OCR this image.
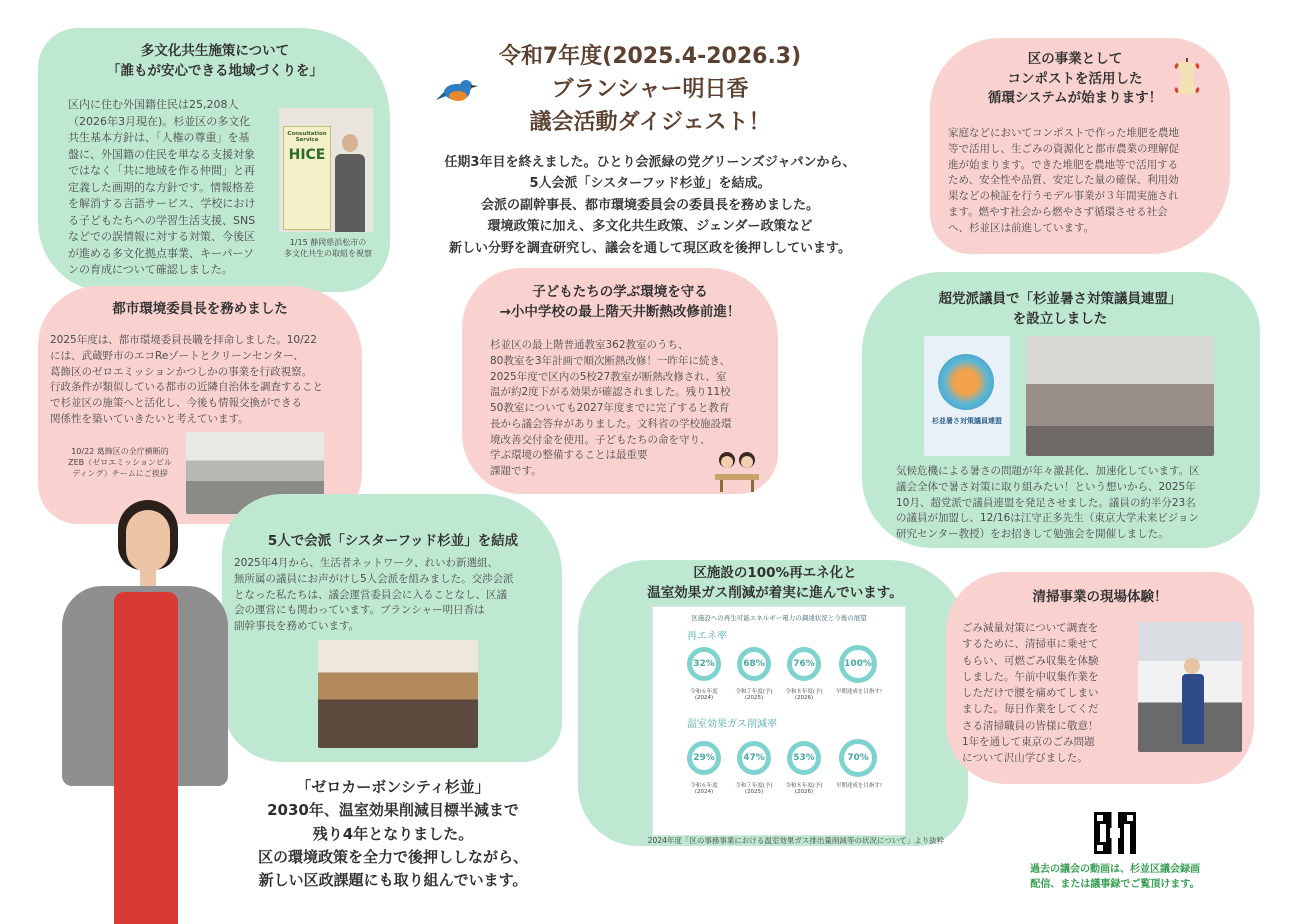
多文化共生施策について
「誰もが安心できる地域づくりを」
区内に住む外国籍住民は25,208人
（2026年3月現在)。杉並区の多文化
共生基本方針は、「人権の尊重」を基
盤に、外国籍の住民を単なる支援対象
ではなく「共に地域を作る仲間」と再
定義した画期的な方針です。情報格差
を解消する言語サービス、学校におけ
る子どもたちへの学習生活支援、SNS
などでの誤情報に対する対策、今後区
が進める多文化拠点事業、キーパーソ
ンの育成について確認しました。
Consultation
Service
HICE
1/15 静岡県浜松市の
多文化共生の取組を視察
令和7年度(2025.4-2026.3)
ブランシャー明日香
議会活動ダイジェスト！
任期3年目を終えました。ひとり会派緑の党グリーンズジャパンから、
5人会派「シスターフッド杉並」を結成。
会派の副幹事長、都市環境委員会の委員長を務めました。
環境政策に加え、多文化共生政策、ジェンダー政策など
新しい分野を調査研究し、議会を通して現区政を後押ししています。
区の事業として
コンポストを活用した
循環システムが始まります！
家庭などにおいてコンポストで作った堆肥を農地
等で活用し、生ごみの資源化と都市農業の理解促
進が始まります。できた堆肥を農地等で活用する
ため、安全性や品質、安定した量の確保、利用効
果などの検証を行うモデル事業が３年間実施され
ます。燃やす社会から燃やさず循環させる社会
へ、杉並区は前進しています。
都市環境委員長を務めました
2025年度は、都市環境委員長職を拝命しました。10/22
には、武蔵野市のエコReゾートとクリーンセンター、
葛飾区のゼロエミッションかつしかの事業を行政視察。
行政条件が類似している都市の近隣自治体を調査すること
で杉並区の施策へと活化し、今後も情報交換ができる
関係性を築いていきたいと考えています。
10/22 葛飾区の全庁横断的
ZEB（ゼロエミッションビル
ディング）チームにご挨拶
子どもたちの学ぶ環境を守る
→小中学校の最上階天井断熱改修前進！
杉並区の最上階普通教室362教室のうち、
80教室を3年計画で順次断熱改修！一昨年に続き、
2025年度で区内の5校27教室が断熱改修され、室
温が約2度下がる効果が確認されました。残り11校
50教室についても2027年度までに完了すると教育
長から議会答弁がありました。文科省の学校施設環
境改善交付金を使用。子どもたちの命を守り、
学ぶ環境の整備することは最重要
課題です。
超党派議員で「杉並暑さ対策議員連盟」
を設立しました
杉並暑さ対策議員連盟
気候危機による暑さの問題が年々激甚化、加速化しています。区
議会全体で暑さ対策に取り組みたい！という想いから、2025年
10月、超党派で議員連盟を発足させました。議員の約半分23名
の議員が加盟し、12/16は江守正多先生（東京大学未来ビジョン
研究センター教授）をお招きして勉強会を開催しました。
5人で会派「シスターフッド杉並」を結成
2025年4月から、生活者ネットワーク、れいわ新選組、
無所属の議員にお声がけし5人会派を組みました。交渉会派
となった私たちは、議会運営委員会に入ることなし、区議
会の運営にも関わっています。ブランシャー明日香は
副幹事長を務めています。
区施設の100%再エネ化と
温室効果ガス削減が着実に進んでいます。
区施設への再生可能エネルギー電力の調達状況と今後の展望
再エネ率
32%	68%	76%	100%
令和６年度
(2024)
令和７年度(予)
(2025)
令和８年度(予)
(2026)
早期達成を目指す!
温室効果ガス削減率
29%	47%	53%	70%
令和６年度
(2024)
令和７年度(予)
(2025)
令和８年度(予)
(2026)
早期達成を目指す!
2024年度「区の事務事業における温室効果ガス排出量削減等の状況について」より抜粋
清掃事業の現場体験！
ごみ減量対策について調査を
するために、清掃車に乗せて
もらい、可燃ごみ収集を体験
しました。午前中収集作業を
しただけで腰を痛めてしまい
ました。毎日作業をしてくだ
さる清掃職員の皆様に敬意！
1年を通して東京のごみ問題
について沢山学びました。
「ゼロカーボンシティ杉並」
2030年、温室効果削減目標半減まで
残り4年となりました。
区の環境政策を全力で後押ししながら、
新しい区政課題にも取り組んでいます。
過去の議会の動画は、杉並区議会録画
配信、または議事録でご覧頂けます。
